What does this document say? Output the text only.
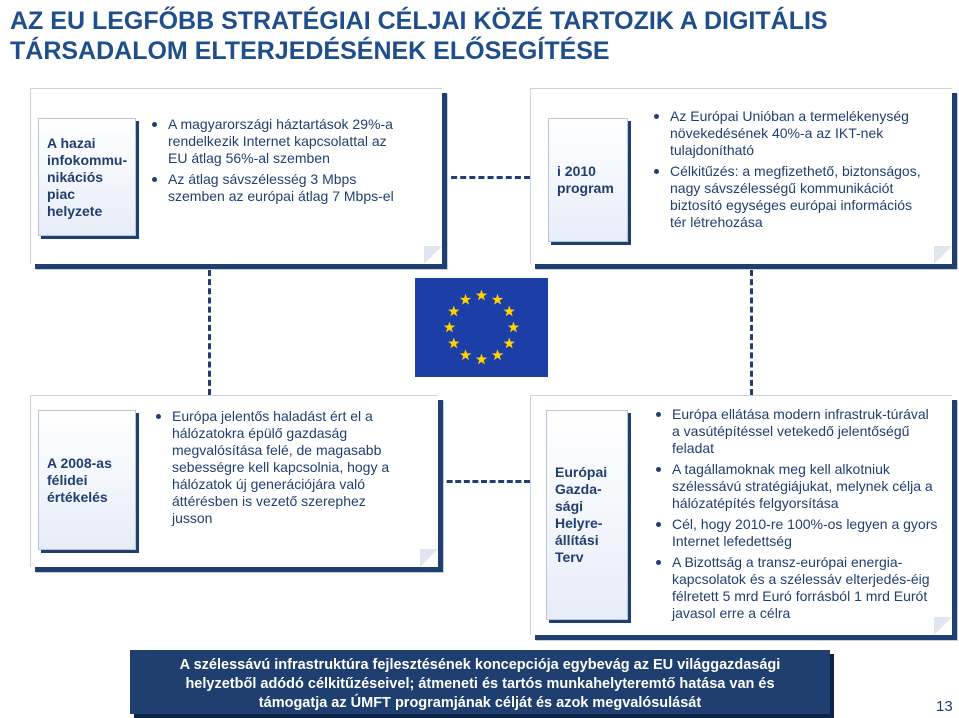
AZ EU LEGFŐBB STRATÉGIAI CÉLJAI KÖZÉ TARTOZIK A DIGITÁLIS
TÁRSADALOM ELTERJEDÉSÉNEK ELŐSEGÍTÉSE
A hazai infokommu-nikációs piac helyzete
A magyarországi háztartások 29%-a rendelkezik Internet kapcsolattal az EU átlag 56%-al szemben
Az átlag sávszélesség 3 Mbps szemben az európai átlag 7 Mbps-el
i 2010 program
Az Európai Unióban a termelékenység növekedésének 40%-a az IKT-nek tulajdonítható
Célkitűzés: a megfizethető, biztonságos, nagy sávszélességű kommunikációt biztosító egységes európai információs tér létrehozása
A 2008-as félidei értékelés
Európa jelentős haladást ért el a hálózatokra épülő gazdaság megvalósítása felé, de magasabb sebességre kell kapcsolnia, hogy a hálózatok új generációjára való áttérésben is vezető szerephez jusson
Európai Gazda-sági Helyre-állítási Terv
Európa ellátása modern infrastruk-túrával a vasútépítéssel vetekedő jelentőségű feladat
A tagállamoknak meg kell alkotniuk szélessávú stratégiájukat, melynek célja a hálózatépítés felgyorsítása
Cél, hogy 2010-re 100%-os legyen a gyors Internet lefedettség
A Bizottság a transz-európai energia-kapcsolatok és a szélessáv elterjedés-éig félretett 5 mrd Euró forrásból 1 mrd Eurót javasol erre a célra
A szélessávú infrastruktúra fejlesztésének koncepciója egybevág az EU világgazdasági
helyzetből adódó célkitűzéseivel; átmeneti és tartós munkahelyteremtő hatása van és
támogatja az ÚMFT programjának célját és azok megvalósulását	13
